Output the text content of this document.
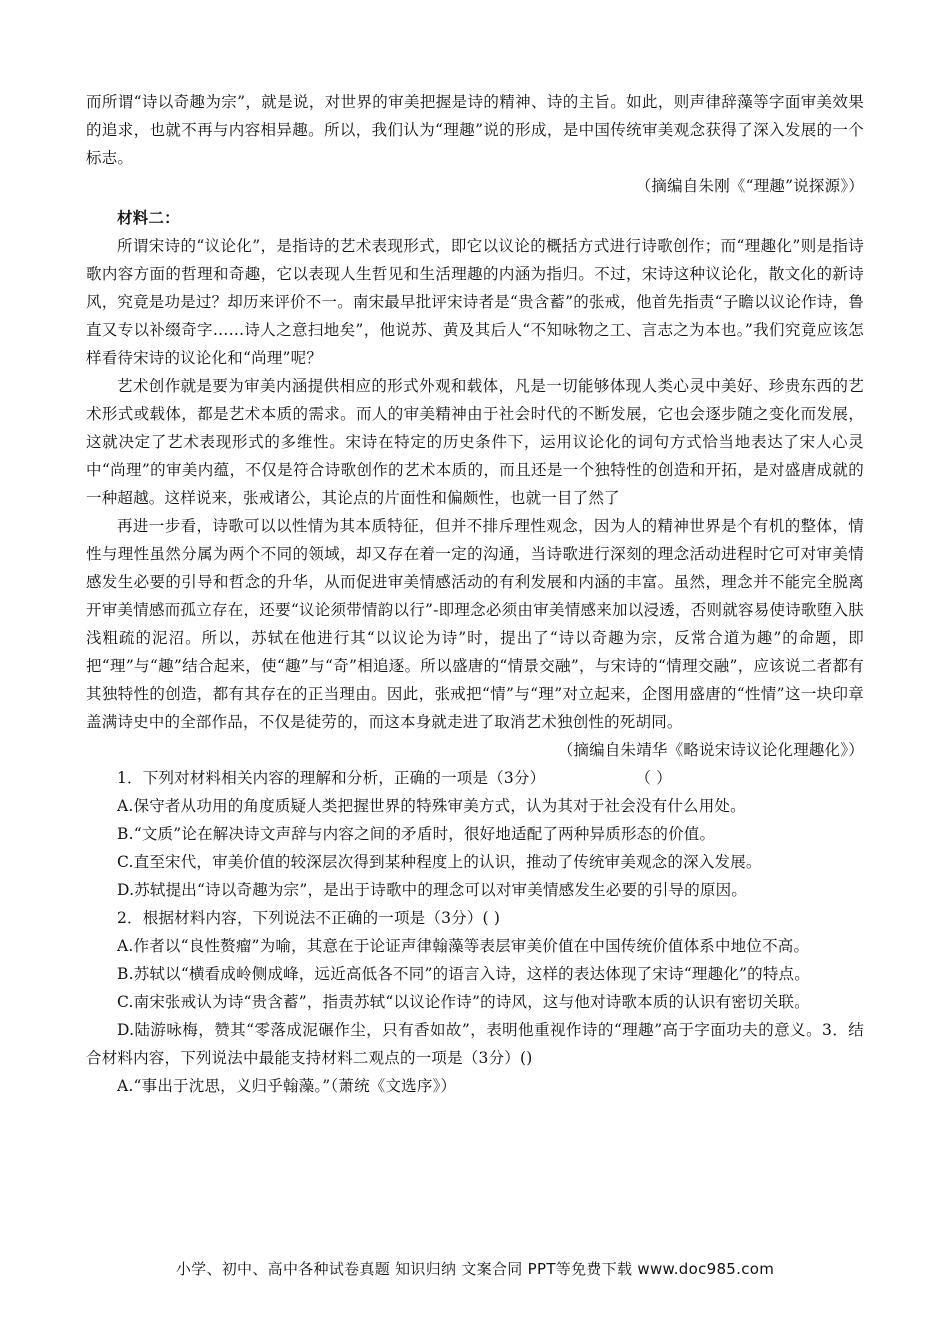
而所谓“诗以奇趣为宗”，就是说，对世界的审美把握是诗的精神、诗的主旨。如此，则声律辞藻等字面审美效果的追求，也就不再与内容相异趣。所以，我们认为“理趣”说的形成，是中国传统审美观念获得了深入发展的一个标志。

（摘编自朱刚《“理趣”说探源》）

材料二：

所谓宋诗的“议论化”，是指诗的艺术表现形式，即它以议论的概括方式进行诗歌创作；而“理趣化”则是指诗歌内容方面的哲理和奇趣，它以表现人生哲见和生活理趣的内涵为指归。不过，宋诗这种议论化，散文化的新诗风，究竟是功是过？却历来评价不一。南宋最早批评宋诗者是“贵含蓄”的张戒，他首先指责“子瞻以议论作诗，鲁直又专以补缀奇字……诗人之意扫地矣”，他说苏、黄及其后人“不知咏物之工、言志之为本也。”我们究竟应该怎样看待宋诗的议论化和“尚理”呢？

艺术创作就是要为审美内涵提供相应的形式外观和载体，凡是一切能够体现人类心灵中美好、珍贵东西的艺术形式或载体，都是艺术本质的需求。而人的审美精神由于社会时代的不断发展，它也会逐步随之变化而发展，这就决定了艺术表现形式的多维性。宋诗在特定的历史条件下，运用议论化的词句方式恰当地表达了宋人心灵中“尚理”的审美内蕴，不仅是符合诗歌创作的艺术本质的，而且还是一个独特性的创造和开拓，是对盛唐成就的一种超越。这样说来，张戒诸公，其论点的片面性和偏颇性，也就一目了然了

再进一步看，诗歌可以以性情为其本质特征，但并不排斥理性观念，因为人的精神世界是个有机的整体，情性与理性虽然分属为两个不同的领域，却又存在着一定的沟通，当诗歌进行深刻的理念活动进程时它可对审美情感发生必要的引导和哲念的升华，从而促进审美情感活动的有利发展和内涵的丰富。虽然，理念并不能完全脱离开审美情感而孤立存在，还要“议论须带情韵以行”-即理念必须由审美情感来加以浸透，否则就容易使诗歌堕入肤浅粗疏的泥沼。所以，苏轼在他进行其“以议论为诗”时，提出了“诗以奇趣为宗，反常合道为趣”的命题，即把“理”与“趣”结合起来，使“趣”与“奇”相追逐。所以盛唐的“情景交融”，与宋诗的“情理交融”，应该说二者都有其独特性的创造，都有其存在的正当理由。因此，张戒把“情”与“理”对立起来，企图用盛唐的“性情”这一块印章盖满诗史中的全部作品，不仅是徒劳的，而这本身就走进了取消艺术独创性的死胡同。

（摘编自朱靖华《略说宋诗议论化理趣化》）

1．下列对材料相关内容的理解和分析，正确的一项是（3分）	（ ）

A.保守者从功用的角度质疑人类把握世界的特殊审美方式，认为其对于社会没有什么用处。

B.“文质”论在解决诗文声辞与内容之间的矛盾时，很好地适配了两种异质形态的价值。

C.直至宋代，审美价值的较深层次得到某种程度上的认识，推动了传统审美观念的深入发展。

D.苏轼提出“诗以奇趣为宗”，是出于诗歌中的理念可以对审美情感发生必要的引导的原因。

2．根据材料内容，下列说法不正确的一项是（3分）( )

A.作者以“良性赘瘤”为喻，其意在于论证声律翰藻等表层审美价值在中国传统价值体系中地位不高。

B.苏轼以“横看成岭侧成峰，远近高低各不同”的语言入诗，这样的表达体现了宋诗“理趣化”的特点。

C.南宋张戒认为诗“贵含蓄”，指责苏轼“以议论作诗”的诗风，这与他对诗歌本质的认识有密切关联。

D.陆游咏梅，赞其“零落成泥碾作尘，只有香如故”，表明他重视作诗的“理趣”高于字面功夫的意义。3．结合材料内容，下列说法中最能支持材料二观点的一项是（3分）()

A.“事出于沈思，义归乎翰藻。”（萧统《文选序》）

小学、初中、高中各种试卷真题 知识归纳 文案合同 PPT等免费下载 www.doc985.com
